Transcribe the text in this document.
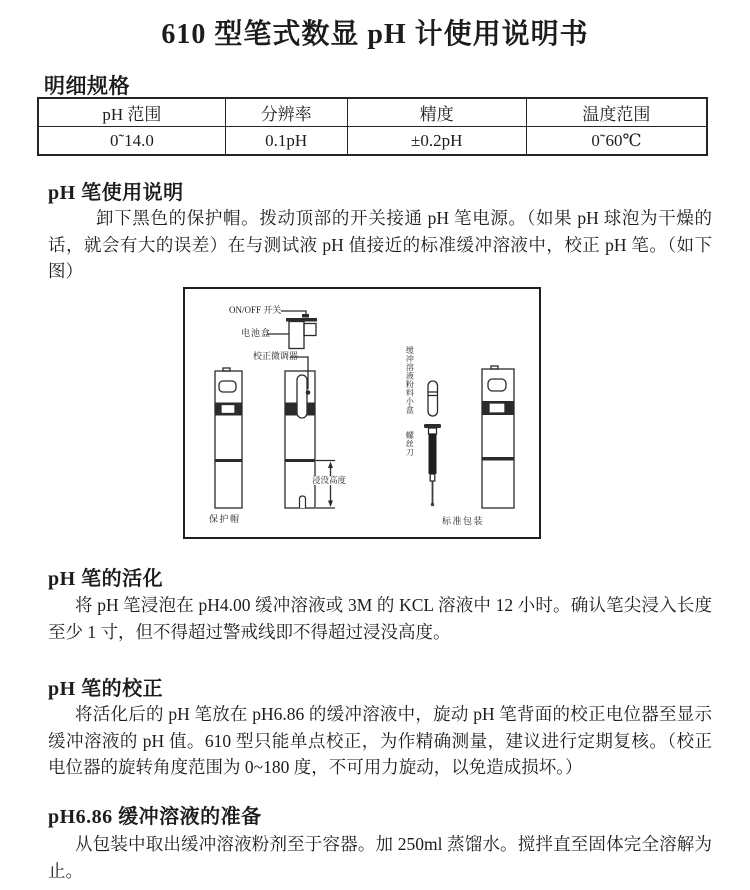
610 型笔式数显 pH 计使用说明书
明细规格
pH 范围	分辨率	精度	温度范围
0˜14.0	0.1pH	±0.2pH	0˜60℃
pH 笔使用说明
卸下黑色的保护帽。拨动顶部的开关接通 pH 笔电源。（如果 pH 球泡为干燥的话，就会有大的误差）在与测试液 pH 值接近的标准缓冲溶液中，校正 pH 笔。（如下图）
ON/OFF 开关
电池盒
校正微调器
浸没高度
保护帽	标准包装
缓冲溶液粉料小盒
螺丝刀
pH 笔的活化
将 pH 笔浸泡在 pH4.00 缓冲溶液或 3M 的 KCL 溶液中 12 小时。确认笔尖浸入长度至少 1 寸，但不得超过警戒线即不得超过浸没高度。
pH 笔的校正
将活化后的 pH 笔放在 pH6.86 的缓冲溶液中，旋动 pH 笔背面的校正电位器至显示缓冲溶液的 pH 值。610 型只能单点校正，为作精确测量，建议进行定期复核。（校正电位器的旋转角度范围为 0~180 度，不可用力旋动，以免造成损坏。）
pH6.86 缓冲溶液的准备
从包装中取出缓冲溶液粉剂至于容器。加 250ml 蒸馏水。搅拌直至固体完全溶解为止。
